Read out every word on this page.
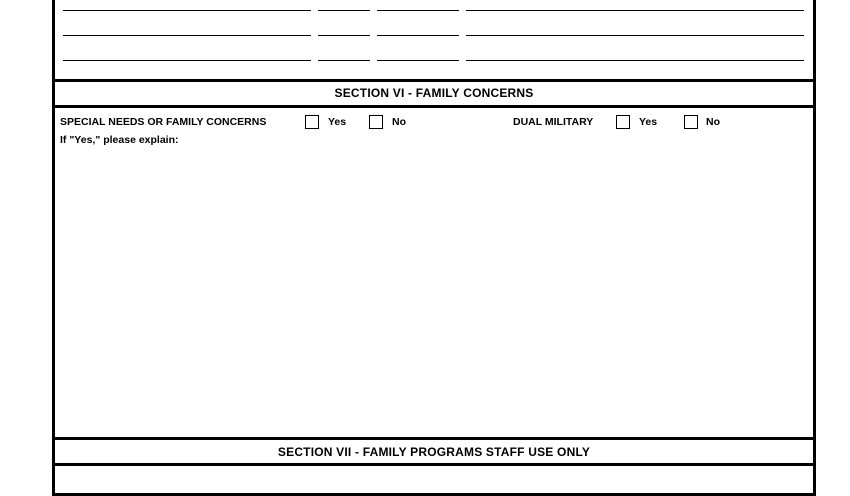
SECTION VI - FAMILY CONCERNS
SPECIAL NEEDS OR FAMILY CONCERNS	Yes	No	DUAL MILITARY	Yes	No
If "Yes," please explain:
SECTION VII - FAMILY PROGRAMS STAFF USE ONLY
